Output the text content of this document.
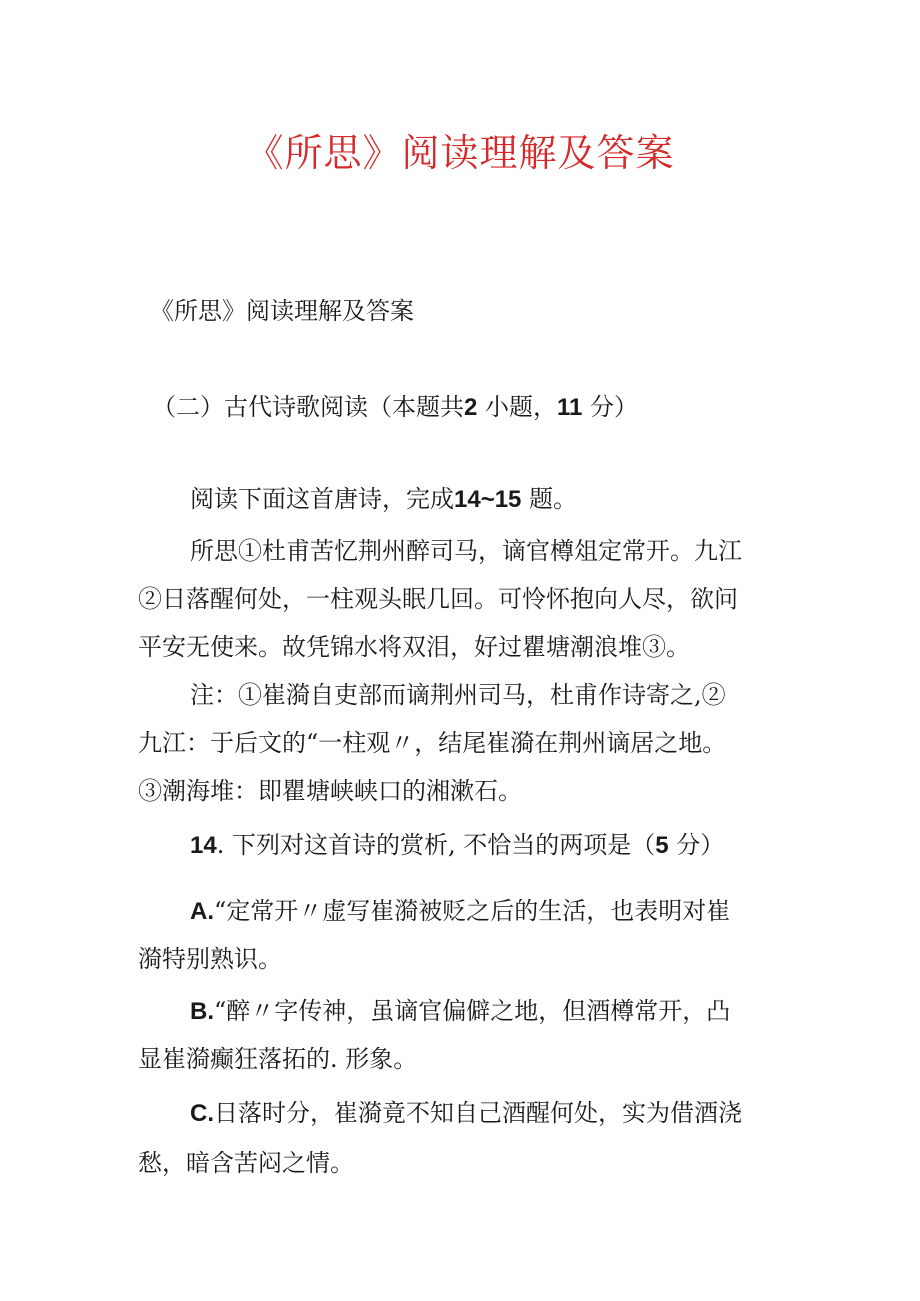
《所思》阅读理解及答案

《所思》阅读理解及答案

（二）古代诗歌阅读（本题共2 小题，11 分）

阅读下面这首唐诗，完成14~15 题。

所思①杜甫苦忆荆州醉司马，谪官樽俎定常开。九江

②日落醒何处，一柱观头眠几回。可怜怀抱向人尽，欲问

平安无使来。故凭锦水将双泪，好过瞿塘潮浪堆③。

注：①崔漪自吏部而谪荆州司马，杜甫作诗寄之,②

九江：于后文的“一柱观〃，结尾崔漪在荆州谪居之地。

③潮海堆：即瞿塘峡峡口的湘漱石。

14. 下列对这首诗的赏析, 不恰当的两项是（5 分）

A.“定常开〃虚写崔漪被贬之后的生活，也表明对崔

漪特别熟识。

B.“醉〃字传神，虽谪官偏僻之地，但酒樽常开，凸

显崔漪癫狂落拓的. 形象。

C.日落时分，崔漪竟不知自己酒醒何处，实为借酒浇

愁，暗含苦闷之情。
